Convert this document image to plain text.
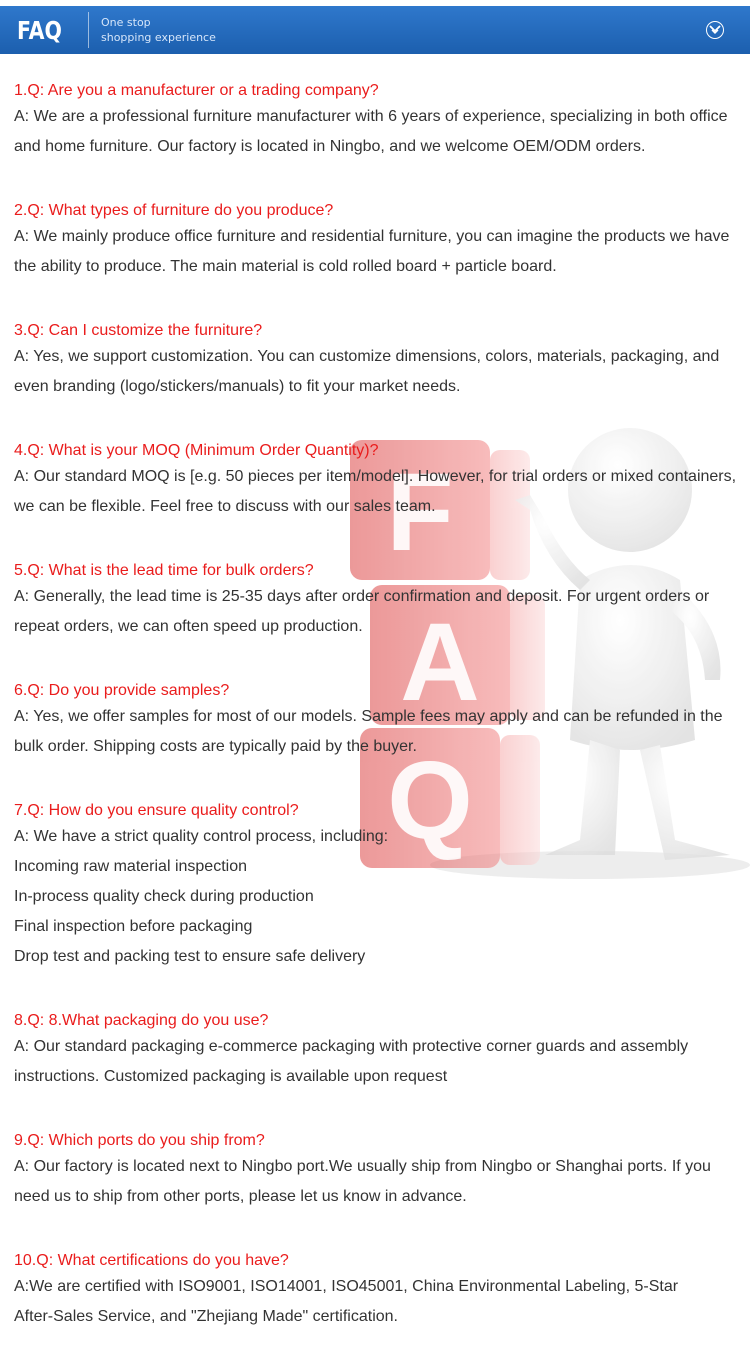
FAQ	One stop
shopping experience
F
A
Q
1.Q: Are you a manufacturer or a trading company?
A: We are a professional furniture manufacturer with 6 years of experience, specializing in both office
and home furniture. Our factory is located in Ningbo, and we welcome OEM/ODM orders.
2.Q: What types of furniture do you produce?
A: We mainly produce office furniture and residential furniture, you can imagine the products we have
the ability to produce. The main material is cold rolled board + particle board.
3.Q: Can I customize the furniture?
A: Yes, we support customization. You can customize dimensions, colors, materials, packaging, and
even branding (logo/stickers/manuals) to fit your market needs.
4.Q: What is your MOQ (Minimum Order Quantity)?
A: Our standard MOQ is [e.g. 50 pieces per item/model]. However, for trial orders or mixed containers,
we can be flexible. Feel free to discuss with our sales team.
5.Q: What is the lead time for bulk orders?
A: Generally, the lead time is 25-35 days after order confirmation and deposit. For urgent orders or
repeat orders, we can often speed up production.
6.Q: Do you provide samples?
A: Yes, we offer samples for most of our models. Sample fees may apply and can be refunded in the
bulk order. Shipping costs are typically paid by the buyer.
7.Q: How do you ensure quality control?
A: We have a strict quality control process, including:
Incoming raw material inspection
In-process quality check during production
Final inspection before packaging
Drop test and packing test to ensure safe delivery
8.Q: 8.What packaging do you use?
A: Our standard packaging e-commerce packaging with protective corner guards and assembly
instructions. Customized packaging is available upon request
9.Q: Which ports do you ship from?
A: Our factory is located next to Ningbo port.We usually ship from Ningbo or Shanghai ports. If you
need us to ship from other ports, please let us know in advance.
10.Q: What certifications do you have?
A:We are certified with ISO9001, ISO14001, ISO45001, China Environmental Labeling, 5-Star
After-Sales Service, and "Zhejiang Made" certification.
